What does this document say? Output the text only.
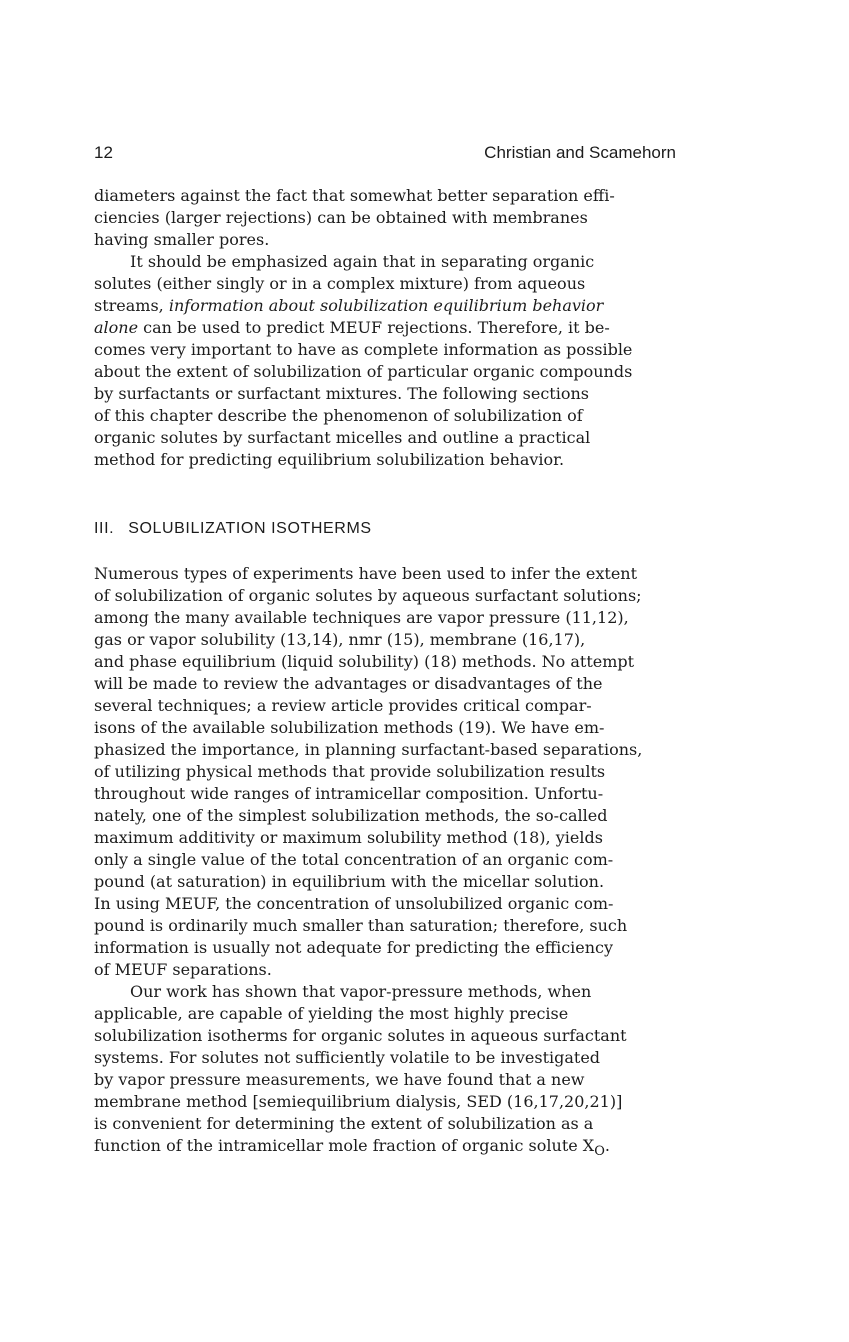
12	Christian and Scamehorn
diameters against the fact that somewhat better separation effi-
ciencies (larger rejections) can be obtained with membranes
having smaller pores.
It should be emphasized again that in separating organic
solutes (either singly or in a complex mixture) from aqueous
streams, information about solubilization equilibrium behavior
alone can be used to predict MEUF rejections. Therefore, it be-
comes very important to have as complete information as possible
about the extent of solubilization of particular organic compounds
by surfactants or surfactant mixtures. The following sections
of this chapter describe the phenomenon of solubilization of
organic solutes by surfactant micelles and outline a practical
method for predicting equilibrium solubilization behavior.
III. SOLUBILIZATION ISOTHERMS
Numerous types of experiments have been used to infer the extent
of solubilization of organic solutes by aqueous surfactant solutions;
among the many available techniques are vapor pressure (11,12),
gas or vapor solubility (13,14), nmr (15), membrane (16,17),
and phase equilibrium (liquid solubility) (18) methods. No attempt
will be made to review the advantages or disadvantages of the
several techniques; a review article provides critical compar-
isons of the available solubilization methods (19). We have em-
phasized the importance, in planning surfactant-based separations,
of utilizing physical methods that provide solubilization results
throughout wide ranges of intramicellar composition. Unfortu-
nately, one of the simplest solubilization methods, the so-called
maximum additivity or maximum solubility method (18), yields
only a single value of the total concentration of an organic com-
pound (at saturation) in equilibrium with the micellar solution.
In using MEUF, the concentration of unsolubilized organic com-
pound is ordinarily much smaller than saturation; therefore, such
information is usually not adequate for predicting the efficiency
of MEUF separations.
Our work has shown that vapor-pressure methods, when
applicable, are capable of yielding the most highly precise
solubilization isotherms for organic solutes in aqueous surfactant
systems. For solutes not sufficiently volatile to be investigated
by vapor pressure measurements, we have found that a new
membrane method [semiequilibrium dialysis, SED (16,17,20,21)]
is convenient for determining the extent of solubilization as a
function of the intramicellar mole fraction of organic solute $X_O$.
